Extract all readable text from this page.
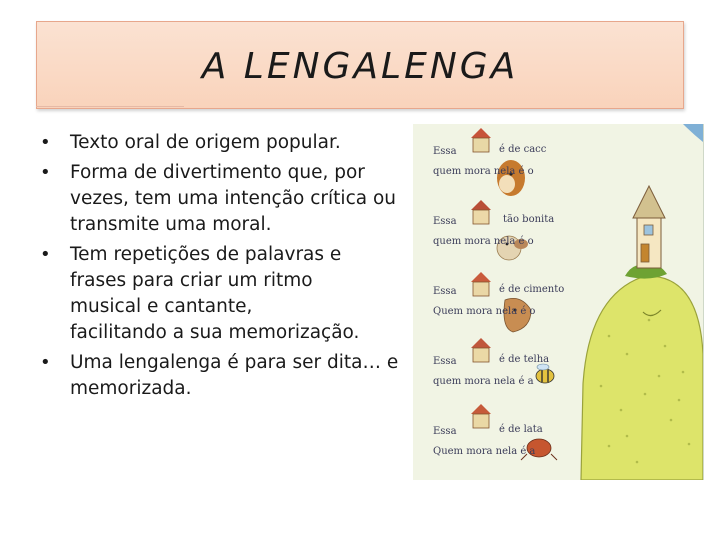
A LENGALENGA
• Texto oral de origem popular.
• Forma de divertimento que, por
vezes, tem uma intenção crítica ou
transmite uma moral.
• Tem repetições de palavras e
frases para criar um ritmo
musical e cantante,
facilitando a sua memorização.
• Uma lengalenga é para ser dita… e
memorizada.
Essa	é de cacc
quem mora nela é o
Essa	tão bonita
quem mora nela é o
Essa	é de cimento
Quem mora nela é o
Essa	é de telha
quem mora nela é a
Essa	é de lata
Quem mora nela é a
